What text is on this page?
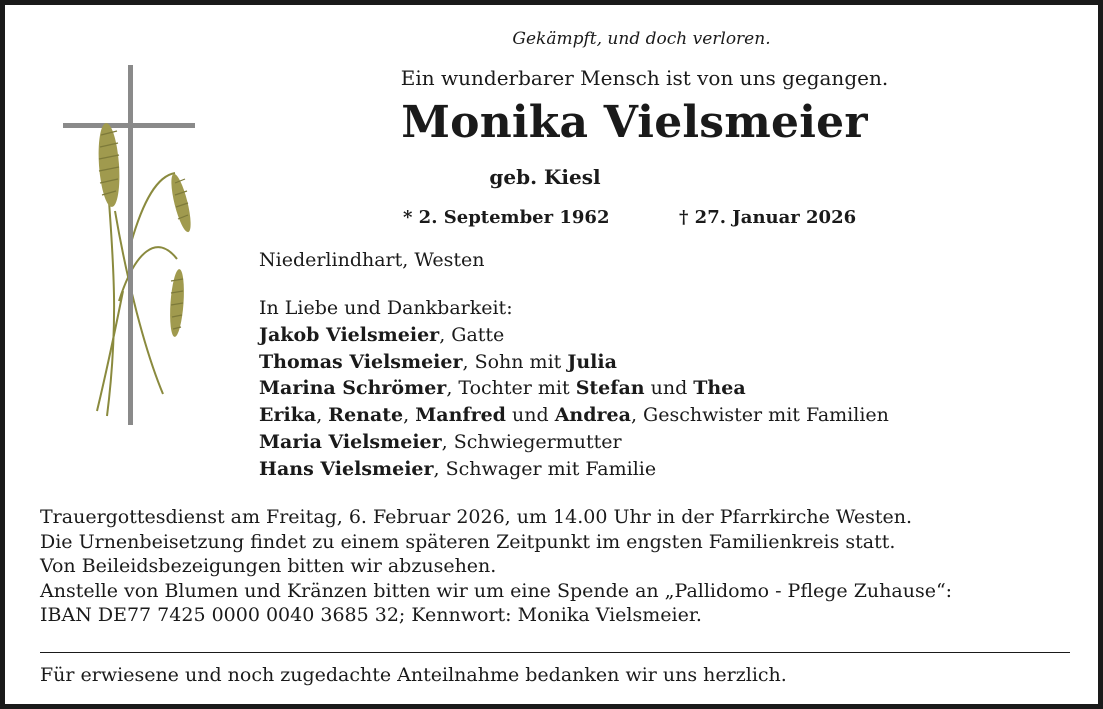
Gekämpft, und doch verloren.
Ein wunderbarer Mensch ist von uns gegangen.
Monika Vielsmeier
geb. Kiesl
* 2. September 1962	† 27. Januar 2026
Niederlindhart, Westen
In Liebe und Dankbarkeit:
Jakob Vielsmeier, Gatte
Thomas Vielsmeier, Sohn mit Julia
Marina Schrömer, Tochter mit Stefan und Thea
Erika, Renate, Manfred und Andrea, Geschwister mit Familien
Maria Vielsmeier, Schwiegermutter
Hans Vielsmeier, Schwager mit Familie
Trauergottesdienst am Freitag, 6. Februar 2026, um 14.00 Uhr in der Pfarrkirche Westen.
Die Urnenbeisetzung findet zu einem späteren Zeitpunkt im engsten Familienkreis statt.
Von Beileidsbezeigungen bitten wir abzusehen.
Anstelle von Blumen und Kränzen bitten wir um eine Spende an „Pallidomo - Pflege Zuhause“:
IBAN DE77 7425 0000 0040 3685 32; Kennwort: Monika Vielsmeier.
Für erwiesene und noch zugedachte Anteilnahme bedanken wir uns herzlich.
